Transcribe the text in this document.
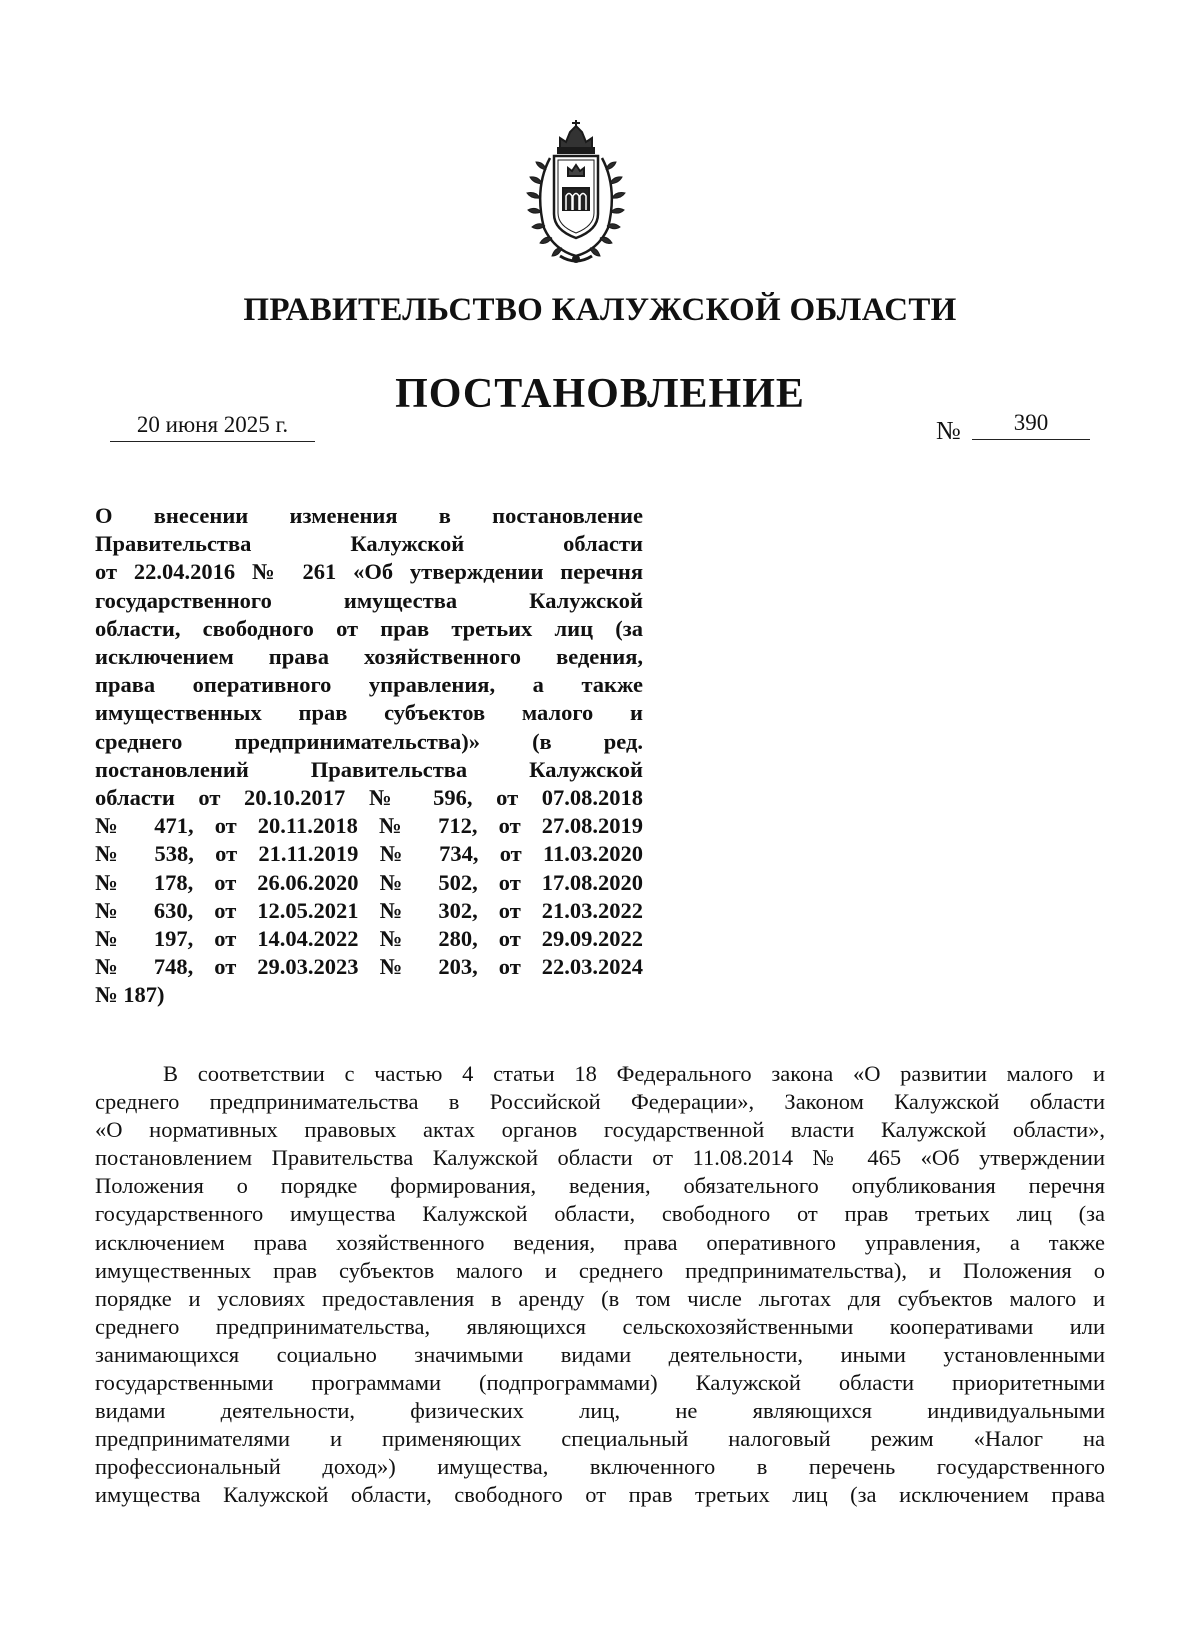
ПРАВИТЕЛЬСТВО КАЛУЖСКОЙ ОБЛАСТИ
ПОСТАНОВЛЕНИЕ
20 июня 2025 г.	№	390
О внесении изменения в постановление
Правительства Калужской области
от 22.04.2016 № 261 «Об утверждении перечня
государственного имущества Калужской
области, свободного от прав третьих лиц (за
исключением права хозяйственного ведения,
права оперативного управления, а также
имущественных прав субъектов малого и
среднего предпринимательства)» (в ред.
постановлений Правительства Калужской
области от 20.10.2017 № 596, от 07.08.2018
№ 471, от 20.11.2018 № 712, от 27.08.2019
№ 538, от 21.11.2019 № 734, от 11.03.2020
№ 178, от 26.06.2020 № 502, от 17.08.2020
№ 630, от 12.05.2021 № 302, от 21.03.2022
№ 197, от 14.04.2022 № 280, от 29.09.2022
№ 748, от 29.03.2023 № 203, от 22.03.2024
№ 187)
В соответствии с частью 4 статьи 18 Федерального закона «О развитии малого и
среднего предпринимательства в Российской Федерации», Законом Калужской области
«О нормативных правовых актах органов государственной власти Калужской области»,
постановлением Правительства Калужской области от 11.08.2014 № 465 «Об утверждении
Положения о порядке формирования, ведения, обязательного опубликования перечня
государственного имущества Калужской области, свободного от прав третьих лиц (за
исключением права хозяйственного ведения, права оперативного управления, а также
имущественных прав субъектов малого и среднего предпринимательства), и Положения о
порядке и условиях предоставления в аренду (в том числе льготах для субъектов малого и
среднего предпринимательства, являющихся сельскохозяйственными кооперативами или
занимающихся социально значимыми видами деятельности, иными установленными
государственными программами (подпрограммами) Калужской области приоритетными
видами деятельности, физических лиц, не являющихся индивидуальными
предпринимателями и применяющих специальный налоговый режим «Налог на
профессиональный доход») имущества, включенного в перечень государственного
имущества Калужской области, свободного от прав третьих лиц (за исключением права
